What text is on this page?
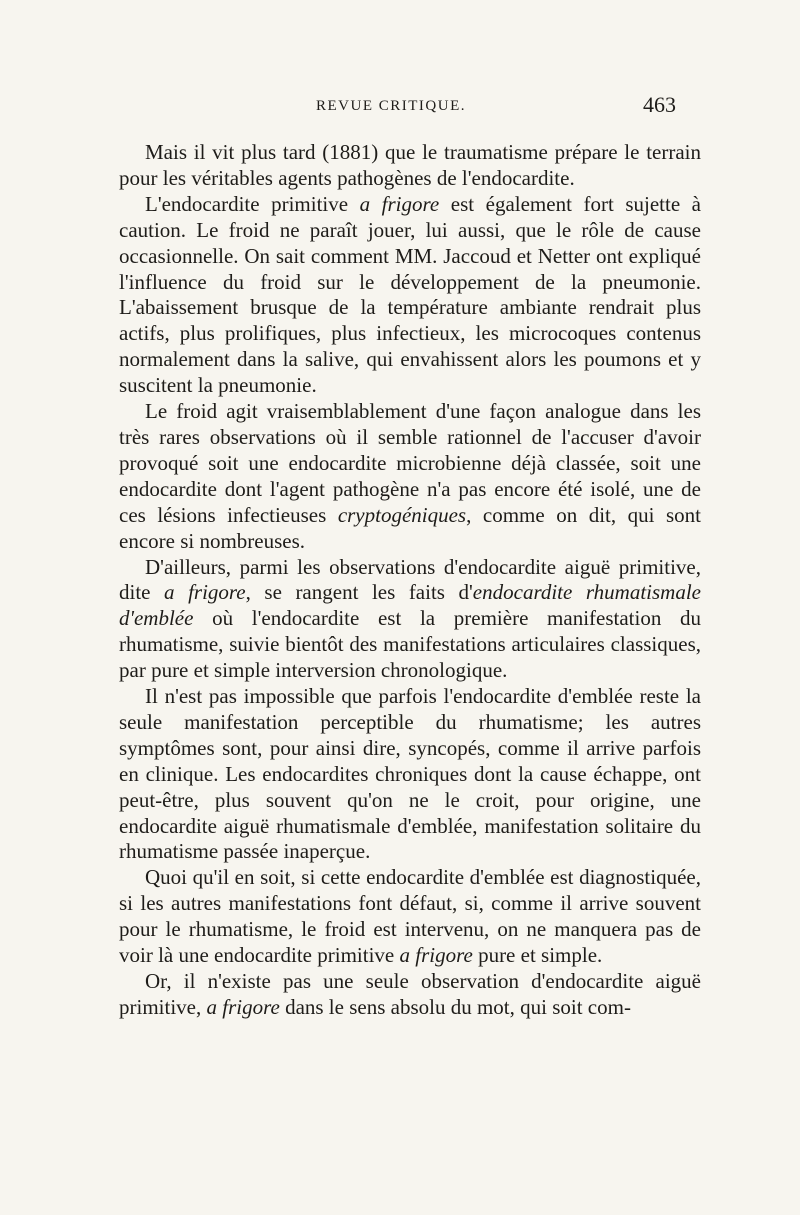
REVUE CRITIQUE.	463

Mais il vit plus tard (1881) que le traumatisme prépare le terrain pour les véritables agents pathogènes de l'endocardite.

L'endocardite primitive a frigore est également fort sujette à caution. Le froid ne paraît jouer, lui aussi, que le rôle de cause occasionnelle. On sait comment MM. Jaccoud et Netter ont expliqué l'influence du froid sur le développement de la pneumonie. L'abaissement brusque de la température ambiante rendrait plus actifs, plus prolifiques, plus infectieux, les microcoques contenus normalement dans la salive, qui envahissent alors les poumons et y suscitent la pneumonie.

Le froid agit vraisemblablement d'une façon analogue dans les très rares observations où il semble rationnel de l'accuser d'avoir provoqué soit une endocardite microbienne déjà classée, soit une endocardite dont l'agent pathogène n'a pas encore été isolé, une de ces lésions infectieuses cryptogéniques, comme on dit, qui sont encore si nombreuses.

D'ailleurs, parmi les observations d'endocardite aiguë primitive, dite a frigore, se rangent les faits d'endocardite rhumatismale d'emblée où l'endocardite est la première manifestation du rhumatisme, suivie bientôt des manifestations articulaires classiques, par pure et simple interversion chronologique.

Il n'est pas impossible que parfois l'endocardite d'emblée reste la seule manifestation perceptible du rhumatisme; les autres symptômes sont, pour ainsi dire, syncopés, comme il arrive parfois en clinique. Les endocardites chroniques dont la cause échappe, ont peut-être, plus souvent qu'on ne le croit, pour origine, une endocardite aiguë rhumatismale d'emblée, manifestation solitaire du rhumatisme passée inaperçue.

Quoi qu'il en soit, si cette endocardite d'emblée est diagnostiquée, si les autres manifestations font défaut, si, comme il arrive souvent pour le rhumatisme, le froid est intervenu, on ne manquera pas de voir là une endocardite primitive a frigore pure et simple.

Or, il n'existe pas une seule observation d'endocardite aiguë primitive, a frigore dans le sens absolu du mot, qui soit com-
